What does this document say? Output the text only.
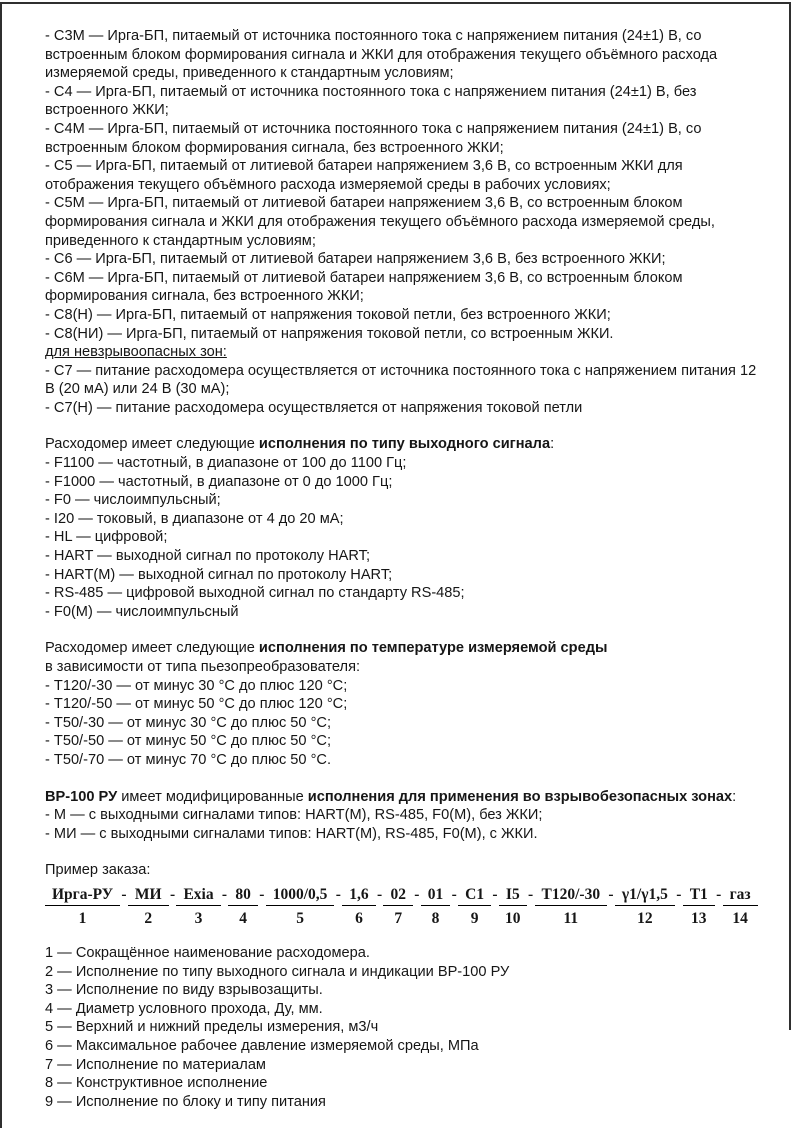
- С3М — Ирга-БП, питаемый от источника постоянного тока с напряжением питания (24±1) В, со встроенным блоком формирования сигнала и ЖКИ для отображения текущего объёмного расхода измеряемой среды, приведенного к стандартным условиям;

- С4 — Ирга-БП, питаемый от источника постоянного тока с напряжением питания (24±1) В, без встроенного ЖКИ;

- С4М — Ирга-БП, питаемый от источника постоянного тока с напряжением питания (24±1) В, со встроенным блоком формирования сигнала, без встроенного ЖКИ;

- С5 — Ирга-БП, питаемый от литиевой батареи напряжением 3,6 В, со встроенным ЖКИ для отображения текущего объёмного расхода измеряемой среды в рабочих условиях;

- С5М — Ирга-БП, питаемый от литиевой батареи напряжением 3,6 В, со встроенным блоком формирования сигнала и ЖКИ для отображения текущего объёмного расхода измеряемой среды, приведенного к стандартным условиям;

- С6 — Ирга-БП, питаемый от литиевой батареи напряжением 3,6 В, без встроенного ЖКИ;

- С6М — Ирга-БП, питаемый от литиевой батареи напряжением 3,6 В, со встроенным блоком формирования сигнала, без встроенного ЖКИ;

- С8(Н) — Ирга-БП, питаемый от напряжения токовой петли, без встроенного ЖКИ;

- С8(НИ) — Ирга-БП, питаемый от напряжения токовой петли, со встроенным ЖКИ.

для невзрывоопасных зон:

- С7 — питание расходомера осуществляется от источника постоянного тока с напряжением питания 12 В (20 мА) или 24 В (30 мА);

- С7(Н) — питание расходомера осуществляется от напряжения токовой петли

Расходомер имеет следующие исполнения по типу выходного сигнала:

- F1100 — частотный, в диапазоне от 100 до 1100 Гц;

- F1000 — частотный, в диапазоне от 0 до 1000 Гц;

- F0 — числоимпульсный;

- I20 — токовый, в диапазоне от 4 до 20 мА;

- HL — цифровой;

- HART — выходной сигнал по протоколу HART;

- HART(M) — выходной сигнал по протоколу HART;

- RS-485 — цифровой выходной сигнал по стандарту RS-485;

- F0(M) — числоимпульсный

Расходомер имеет следующие исполнения по температуре измеряемой среды
в зависимости от типа пьезопреобразователя:

- Т120/-30 — от минус 30 °С до плюс 120 °С;

- Т120/-50 — от минус 50 °С до плюс 120 °С;

- Т50/-30 — от минус 30 °С до плюс 50 °С;

- Т50/-50 — от минус 50 °С до плюс 50 °С;

- Т50/-70 — от минус 70 °С до плюс 50 °С.

ВР-100 РУ имеет модифицированные исполнения для применения во взрывобезопасных зонах:

- М — с выходными сигналами типов: HART(M), RS-485, F0(M), без ЖКИ;

- МИ — с выходными сигналами типов: HART(M), RS-485, F0(M), с ЖКИ.

Пример заказа:

Ирга-РУ
1
- МИ
2
- Exia
3
- 80
4
- 1000/0,5
5
- 1,6
6
- 02
7
- 01
8
- С1
9
- I5
10
- Т120/-30
11
- γ1/γ1,5
12
- Т1
13
- газ
14

1 — Сокращённое наименование расходомера.

2 — Исполнение по типу выходного сигнала и индикации ВР-100 РУ

3 — Исполнение по виду взрывозащиты.

4 — Диаметр условного прохода, Ду, мм.

5 — Верхний и нижний пределы измерения, м3/ч

6 — Максимальное рабочее давление измеряемой среды, МПа

7 — Исполнение по материалам

8 — Конструктивное исполнение

9 — Исполнение по блоку и типу питания
